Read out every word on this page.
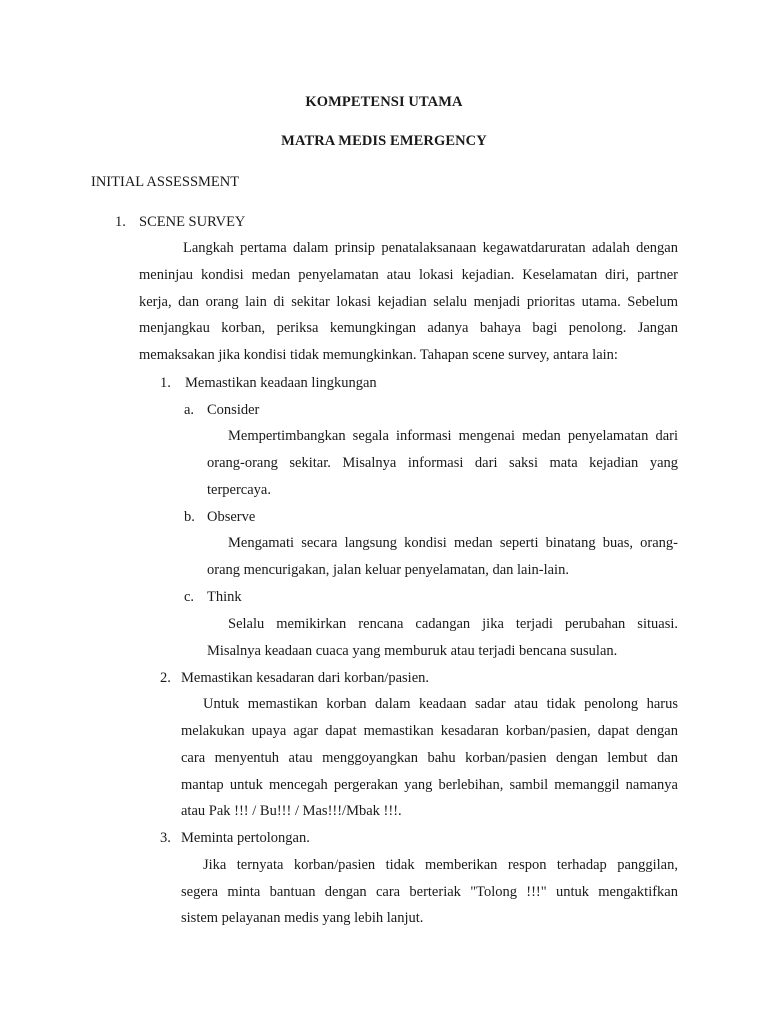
KOMPETENSI UTAMA
MATRA MEDIS EMERGENCY
INITIAL ASSESSMENT
1. SCENE SURVEY
Langkah pertama dalam prinsip penatalaksanaan kegawatdaruratan adalah dengan
meninjau kondisi medan penyelamatan atau lokasi kejadian. Keselamatan diri, partner
kerja, dan orang lain di sekitar lokasi kejadian selalu menjadi prioritas utama. Sebelum
menjangkau korban, periksa kemungkingan adanya bahaya bagi penolong. Jangan
memaksakan jika kondisi tidak memungkinkan. Tahapan scene survey, antara lain:
1. Memastikan keadaan lingkungan
a. Consider
Mempertimbangkan segala informasi mengenai medan penyelamatan dari
orang-orang sekitar. Misalnya informasi dari saksi mata kejadian yang
terpercaya.
b. Observe
Mengamati secara langsung kondisi medan seperti binatang buas, orang-
orang mencurigakan, jalan keluar penyelamatan, dan lain-lain.
c. Think
Selalu memikirkan rencana cadangan jika terjadi perubahan situasi.
Misalnya keadaan cuaca yang memburuk atau terjadi bencana susulan.
2. Memastikan kesadaran dari korban/pasien.
Untuk memastikan korban dalam keadaan sadar atau tidak penolong harus
melakukan upaya agar dapat memastikan kesadaran korban/pasien, dapat dengan
cara menyentuh atau menggoyangkan bahu korban/pasien dengan lembut dan
mantap untuk mencegah pergerakan yang berlebihan, sambil memanggil namanya
atau Pak !!! / Bu!!! / Mas!!!/Mbak !!!.
3. Meminta pertolongan.
Jika ternyata korban/pasien tidak memberikan respon terhadap panggilan,
segera minta bantuan dengan cara berteriak "Tolong !!!" untuk mengaktifkan
sistem pelayanan medis yang lebih lanjut.
